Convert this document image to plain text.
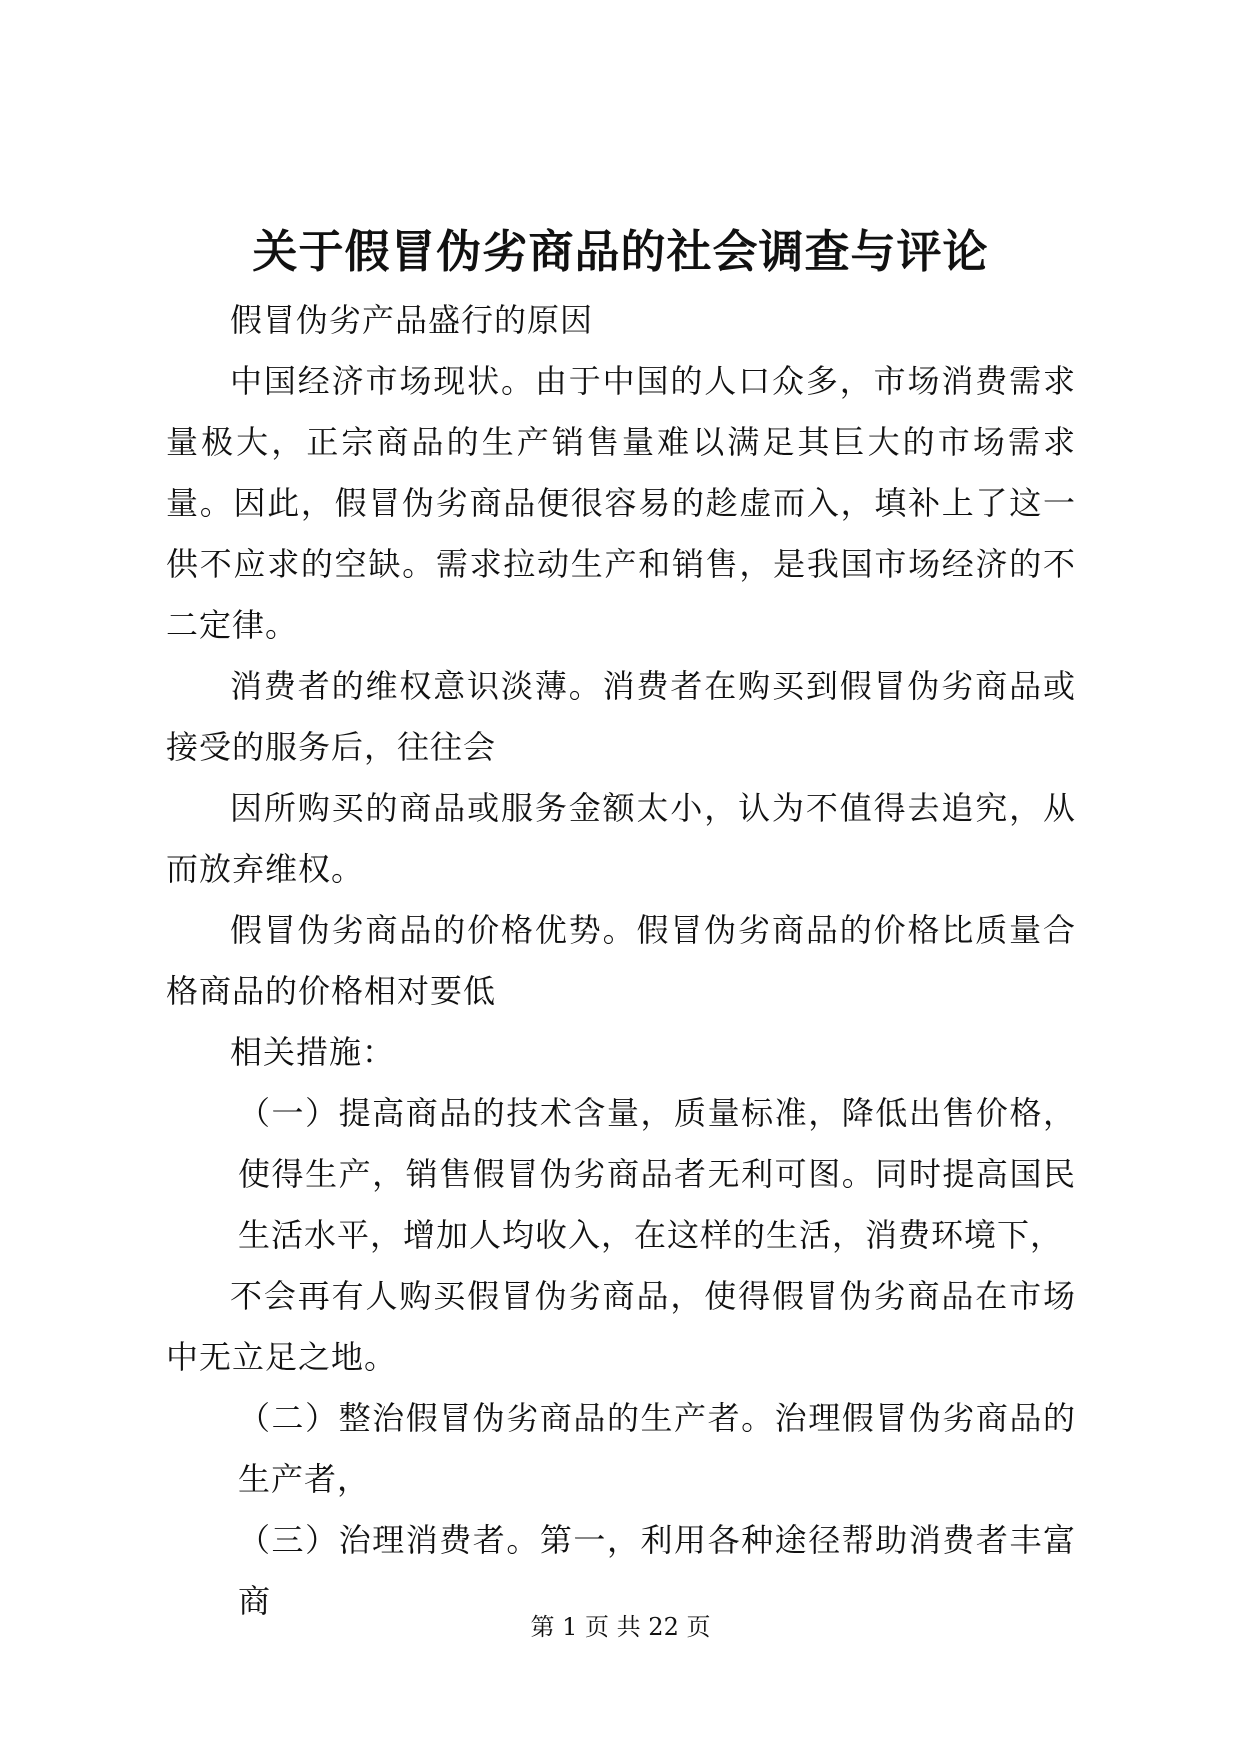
关于假冒伪劣商品的社会调查与评论

假冒伪劣产品盛行的原因

中国经济市场现状。由于中国的人口众多，市场消费需求量极大，正宗商品的生产销售量难以满足其巨大的市场需求量。因此，假冒伪劣商品便很容易的趁虚而入，填补上了这一供不应求的空缺。需求拉动生产和销售，是我国市场经济的不二定律。

消费者的维权意识淡薄。消费者在购买到假冒伪劣商品或接受的服务后，往往会

因所购买的商品或服务金额太小，认为不值得去追究，从而放弃维权。

假冒伪劣商品的价格优势。假冒伪劣商品的价格比质量合格商品的价格相对要低

相关措施：

（一）提高商品的技术含量，质量标准，降低出售价格，使得生产，销售假冒伪劣商品者无利可图。同时提高国民生活水平，增加人均收入，在这样的生活，消费环境下，

不会再有人购买假冒伪劣商品，使得假冒伪劣商品在市场中无立足之地。

（二）整治假冒伪劣商品的生产者。治理假冒伪劣商品的生产者，

（三）治理消费者。第一，利用各种途径帮助消费者丰富商

第 1 页 共 22 页
